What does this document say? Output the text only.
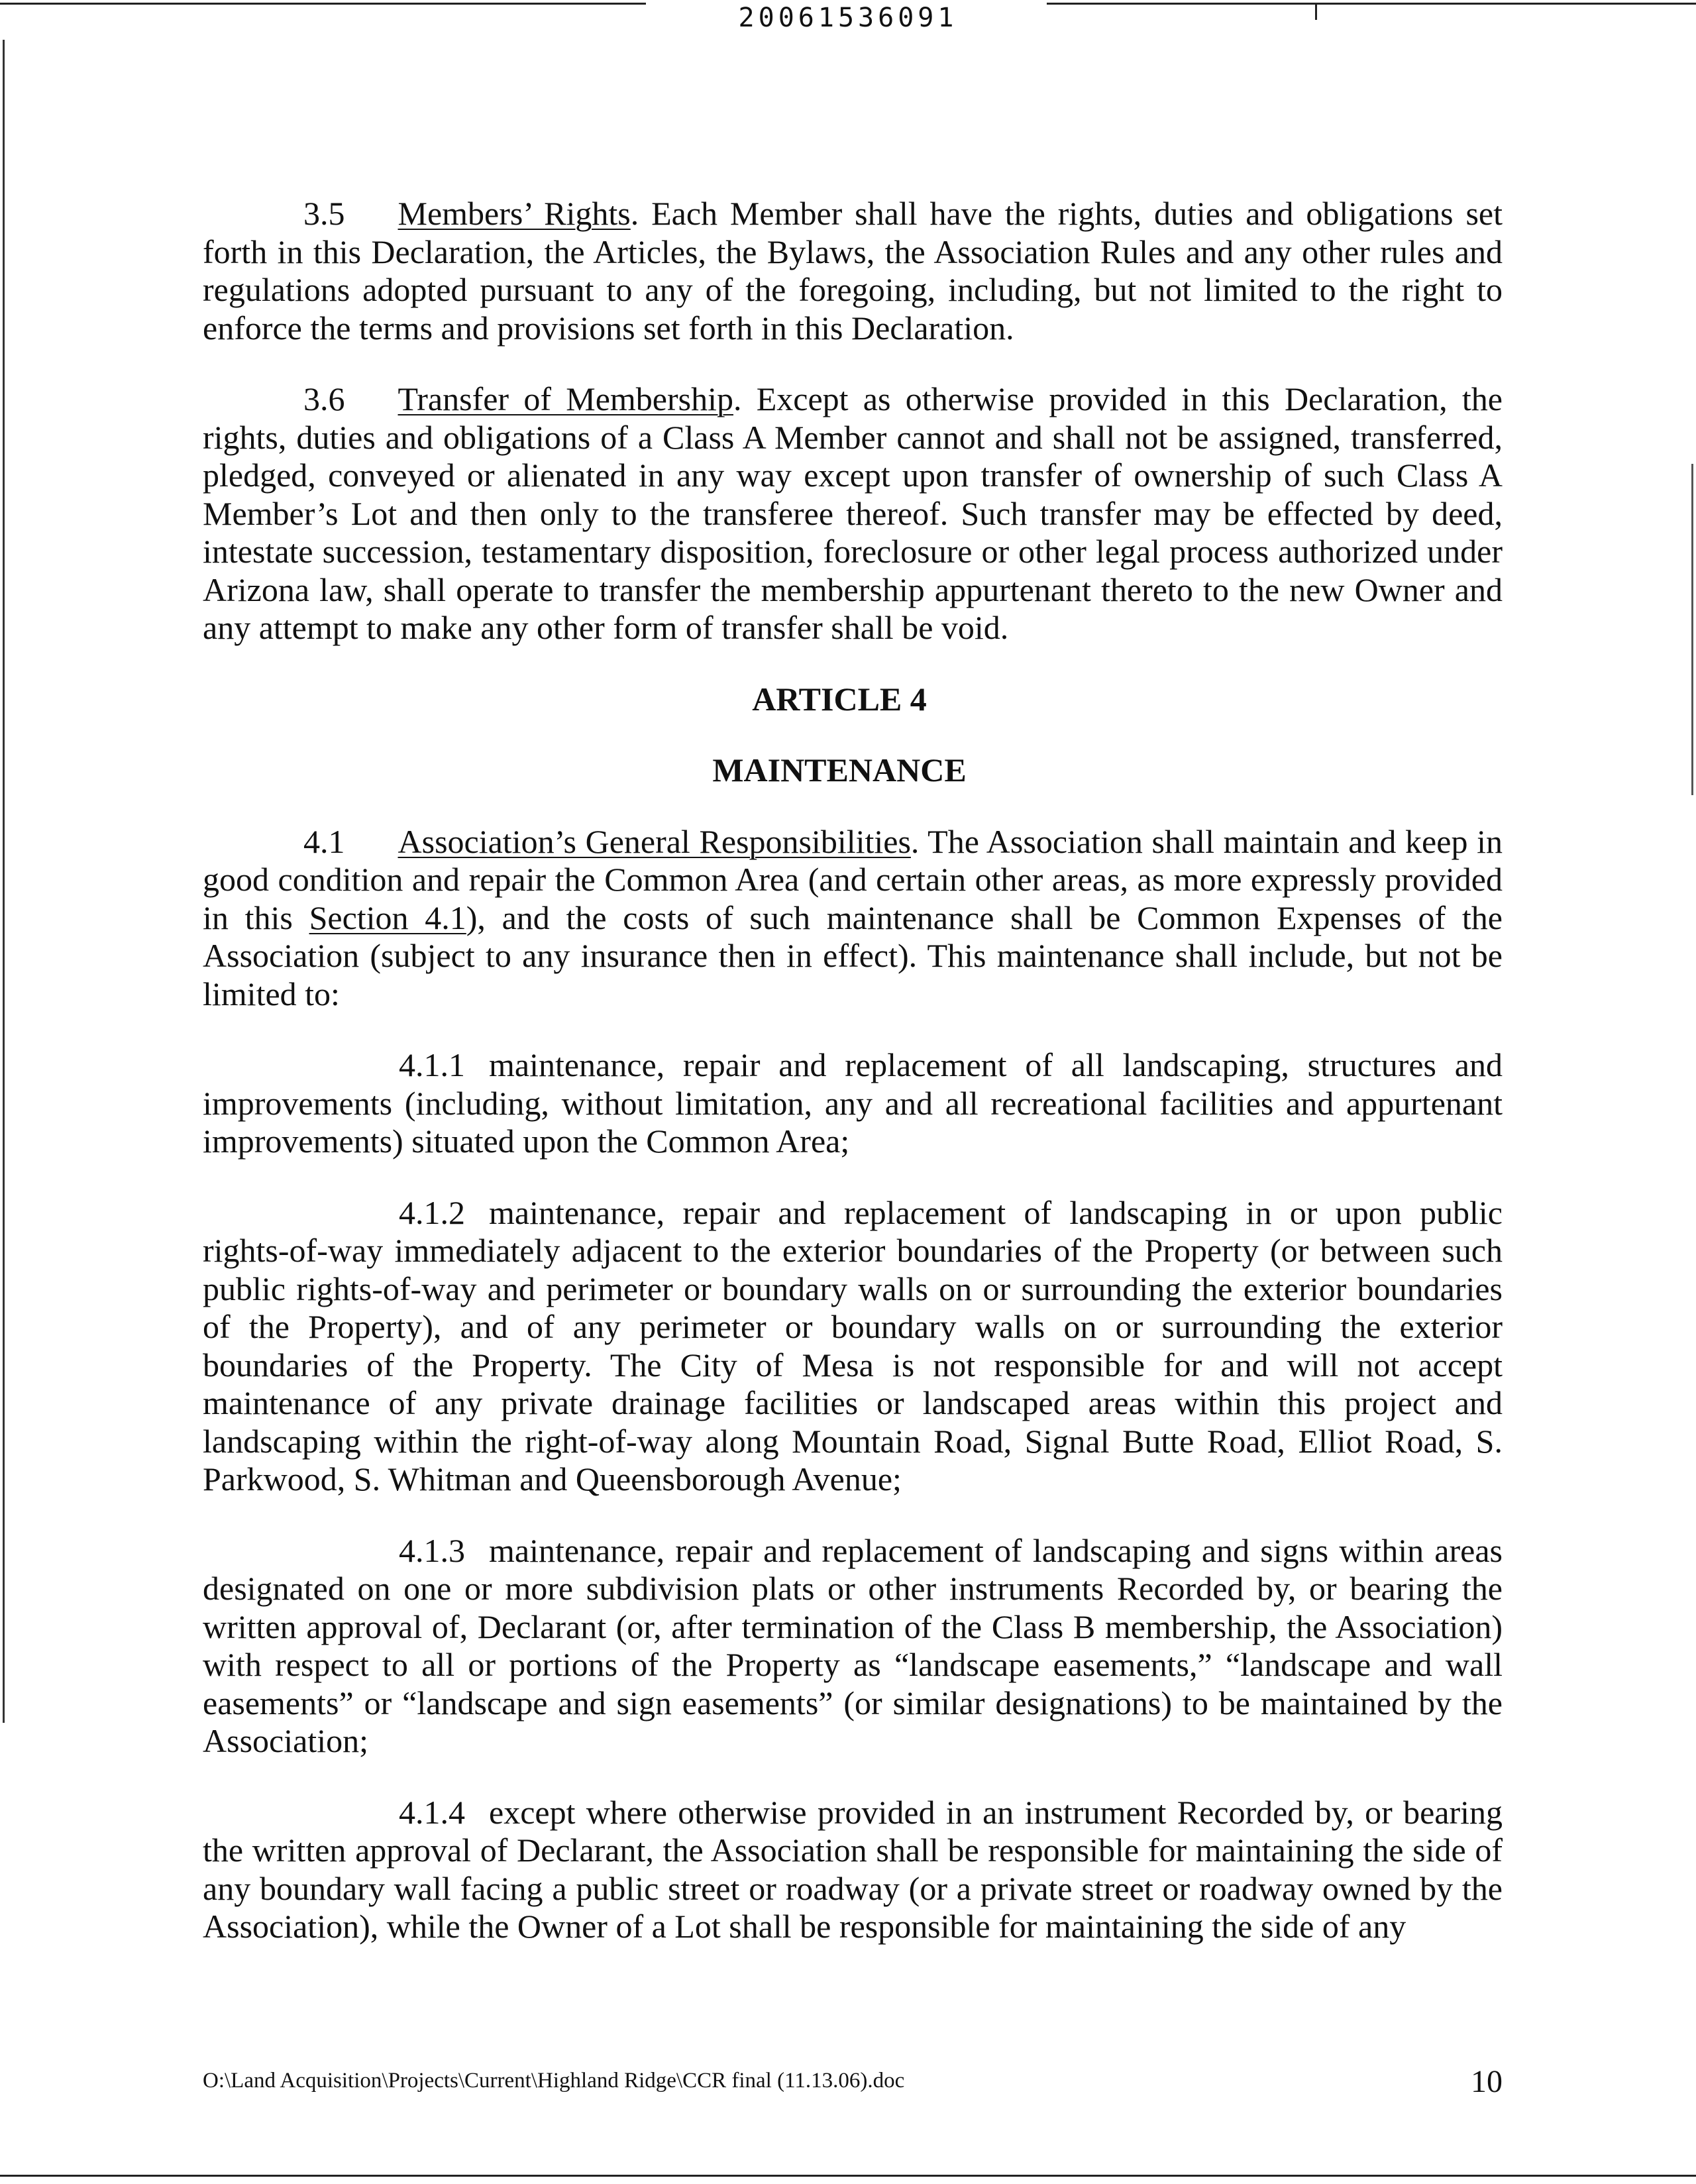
20061536091

3.5 Members’ Rights. Each Member shall have the rights, duties and obligations set forth in this Declaration, the Articles, the Bylaws, the Association Rules and any other rules and regulations adopted pursuant to any of the foregoing, including, but not limited to the right to enforce the terms and provisions set forth in this Declaration.

3.6 Transfer of Membership. Except as otherwise provided in this Declaration, the rights, duties and obligations of a Class A Member cannot and shall not be assigned, transferred, pledged, conveyed or alienated in any way except upon transfer of ownership of such Class A Member’s Lot and then only to the transferee thereof. Such transfer may be effected by deed, intestate succession, testamentary disposition, foreclosure or other legal process authorized under Arizona law, shall operate to transfer the membership appurtenant thereto to the new Owner and any attempt to make any other form of transfer shall be void.

ARTICLE 4
MAINTENANCE

4.1 Association’s General Responsibilities. The Association shall maintain and keep in good condition and repair the Common Area (and certain other areas, as more expressly provided in this Section 4.1), and the costs of such maintenance shall be Common Expenses of the Association (subject to any insurance then in effect). This maintenance shall include, but not be limited to:

4.1.1 maintenance, repair and replacement of all landscaping, structures and improvements (including, without limitation, any and all recreational facilities and appurtenant improvements) situated upon the Common Area;

4.1.2 maintenance, repair and replacement of landscaping in or upon public rights-of-way immediately adjacent to the exterior boundaries of the Property (or between such public rights-of-way and perimeter or boundary walls on or surrounding the exterior boundaries of the Property), and of any perimeter or boundary walls on or surrounding the exterior boundaries of the Property. The City of Mesa is not responsible for and will not accept maintenance of any private drainage facilities or landscaped areas within this project and landscaping within the right-of-way along Mountain Road, Signal Butte Road, Elliot Road, S. Parkwood, S. Whitman and Queensborough Avenue;

4.1.3 maintenance, repair and replacement of landscaping and signs within areas designated on one or more subdivision plats or other instruments Recorded by, or bearing the written approval of, Declarant (or, after termination of the Class B membership, the Association) with respect to all or portions of the Property as “landscape easements,” “landscape and wall easements” or “landscape and sign easements” (or similar designations) to be maintained by the Association;

4.1.4 except where otherwise provided in an instrument Recorded by, or bearing the written approval of Declarant, the Association shall be responsible for maintaining the side of any boundary wall facing a public street or roadway (or a private street or roadway owned by the Association), while the Owner of a Lot shall be responsible for maintaining the side of any

O:\Land Acquisition\Projects\Current\Highland Ridge\CCR final (11.13.06).doc	10
